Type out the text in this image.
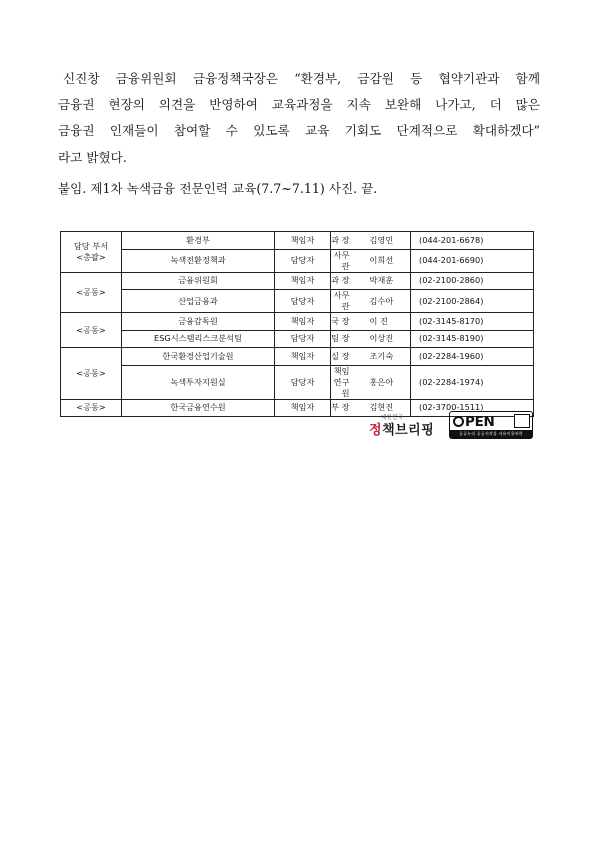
신진창 금융위원회 금융정책국장은 “환경부, 금감원 등 협약기관과 함께
금융권 현장의 의견을 반영하여 교육과정을 지속 보완해 나가고, 더 많은
금융권 인재들이 참여할 수 있도록 교육 기회도 단계적으로 확대하겠다”
라고 밝혔다.
붙임. 제1차 녹색금융 전문인력 교육(7.7~7.11) 사진. 끝.
담당 부서
<총괄>	환경부	책임자	과 장	김영민	(044-201-6678)
	녹색전환정책과	담당자	사무관	이희선	(044-201-6690)

<공동>	금융위원회	책임자	과 장	박재훈	(02-2100-2860)
	산업금융과	담당자	사무관	김수아	(02-2100-2864)

<공동>	금융감독원	책임자	국 장	이 진	(02-3145-8170)
	ESG시스템리스크분석팀	담당자	팀 장	이상진	(02-3145-8190)

<공동>	한국환경산업기술원	책임자	실 장	조기숙	(02-2284-1960)
	녹색투자지원실	담당자	책임연구원	홍은아	(02-2284-1974)

<공동>	한국금융연수원	책임자	부 장	김현진	(02-3700-1511)
대한민국
정책브리핑
PEN
공공누리 공공저작물 자유이용허락
